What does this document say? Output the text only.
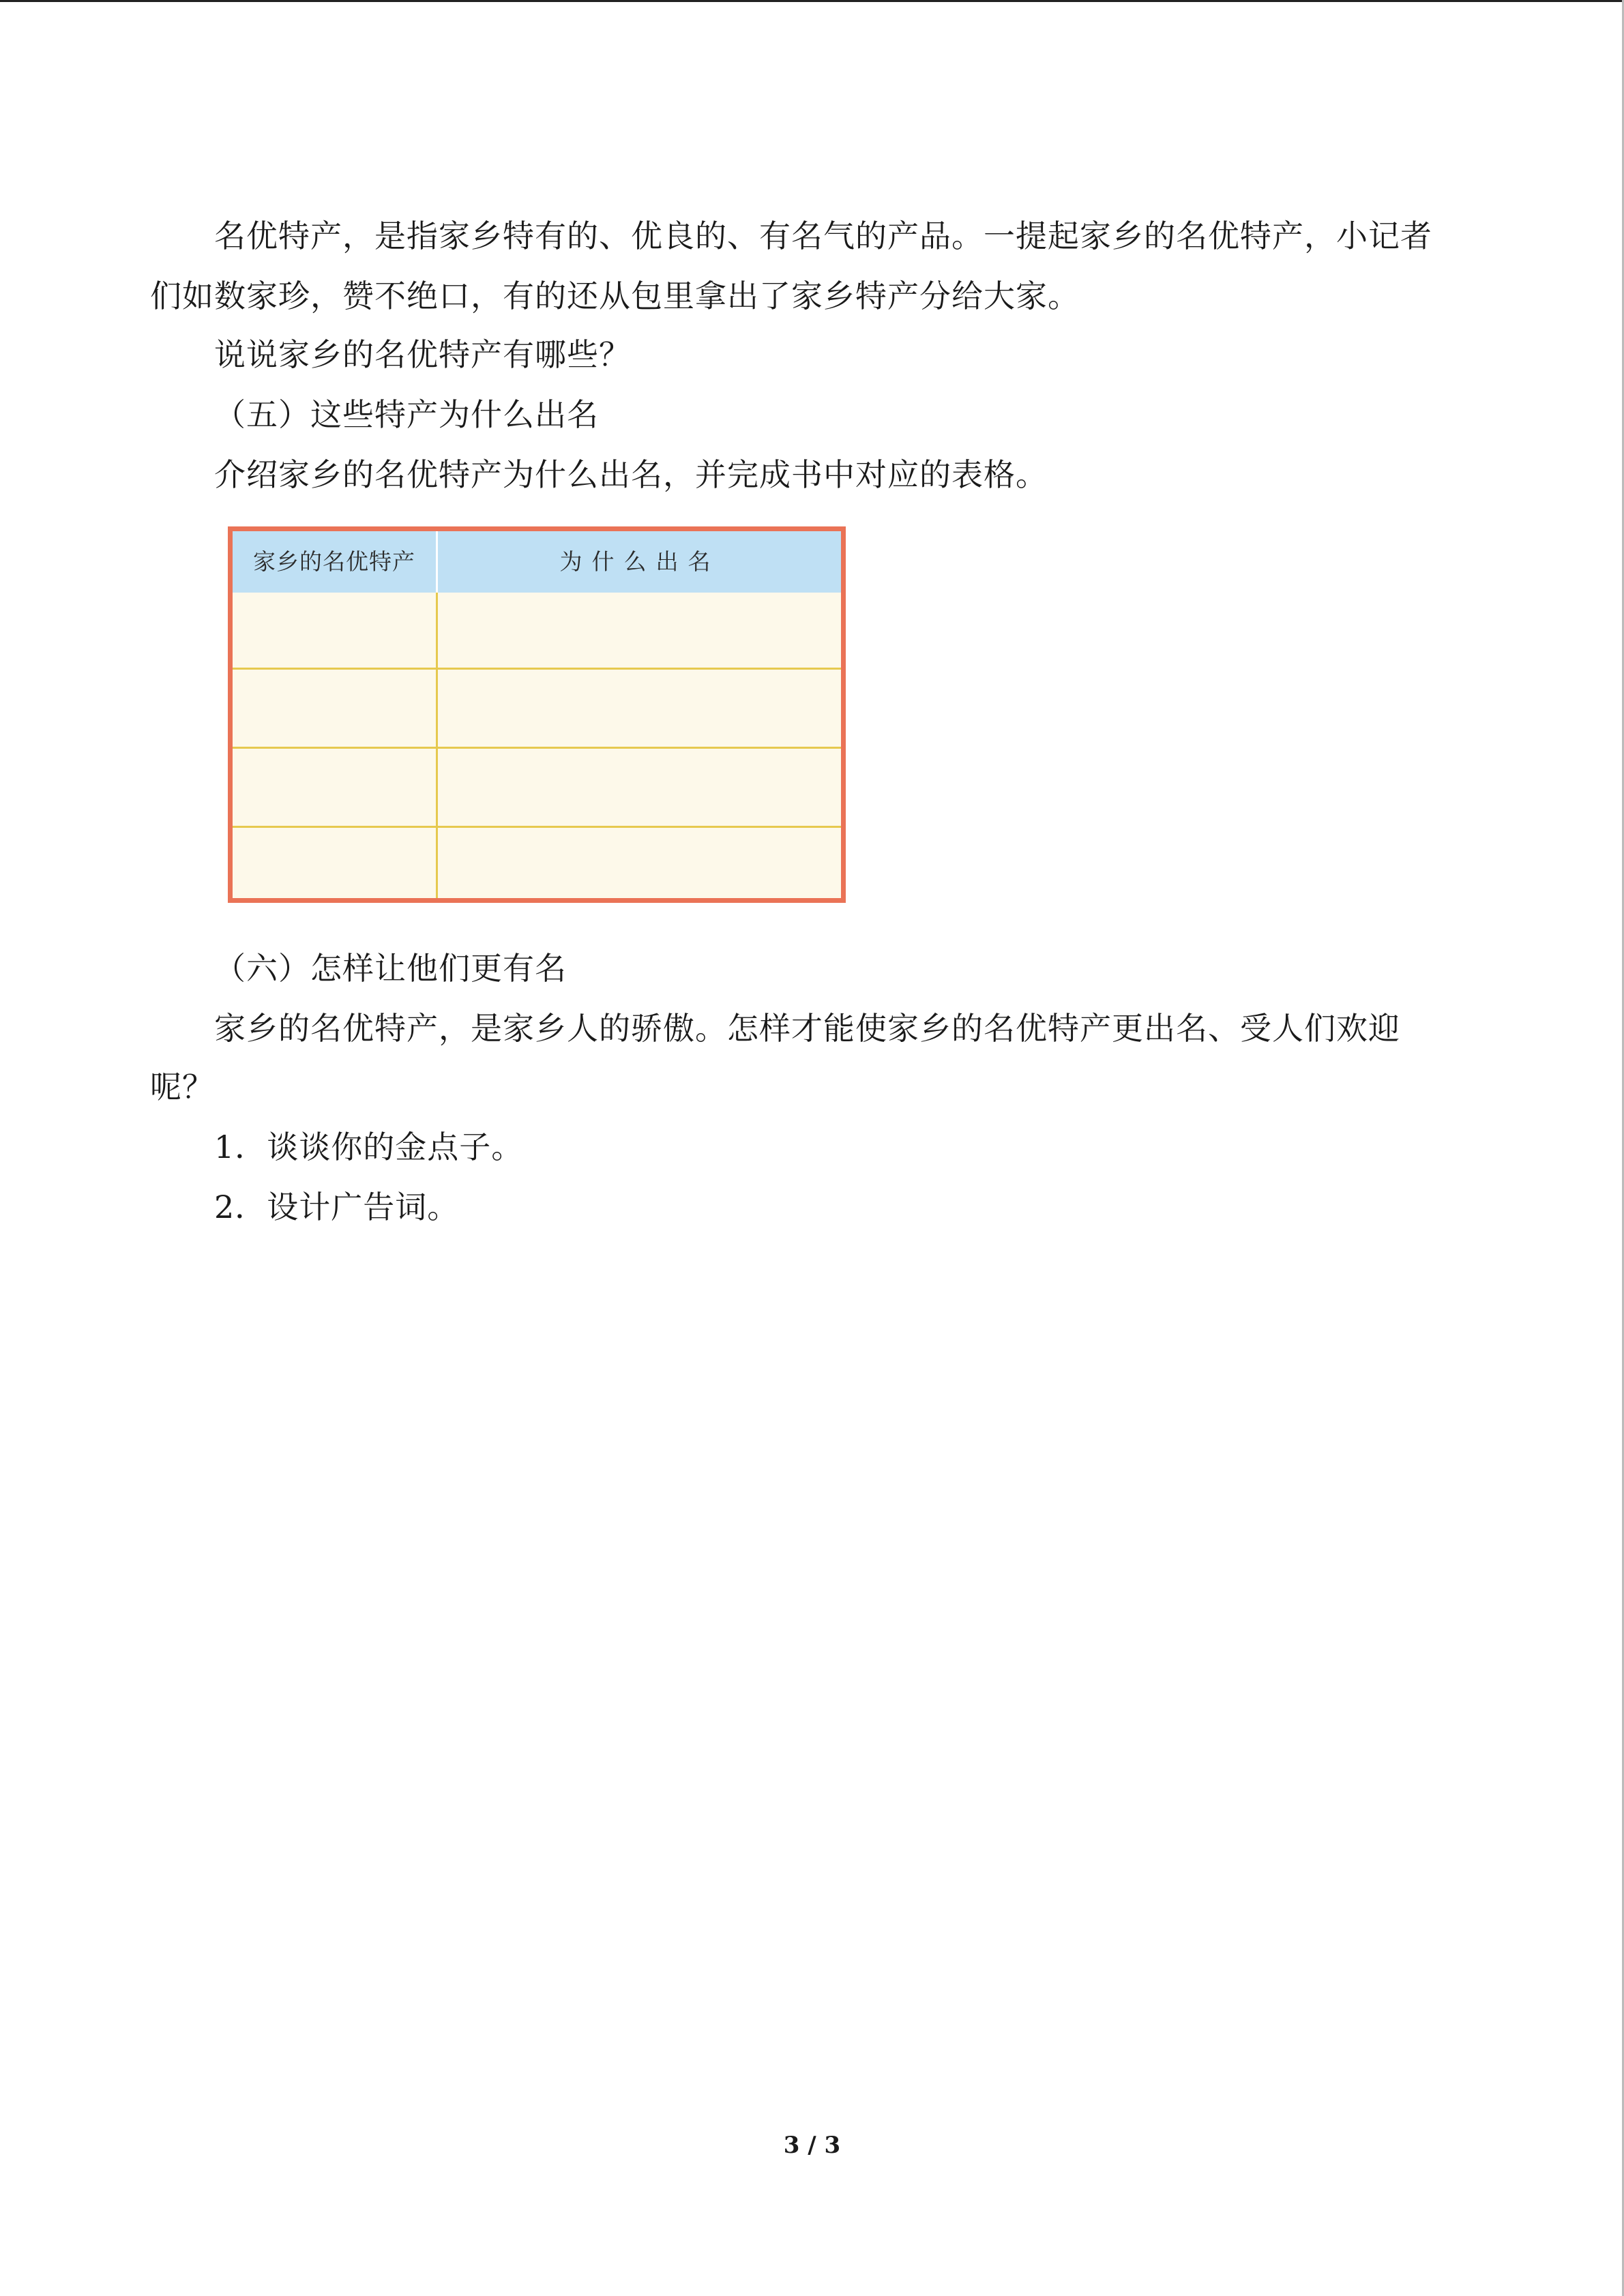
名优特产，是指家乡特有的、优良的、有名气的产品。一提起家乡的名优特产，小记者
们如数家珍，赞不绝口，有的还从包里拿出了家乡特产分给大家。
说说家乡的名优特产有哪些？
（五）这些特产为什么出名
介绍家乡的名优特产为什么出名，并完成书中对应的表格。
家乡的名优特产	为什么出名
（六）怎样让他们更有名
家乡的名优特产，是家乡人的骄傲。怎样才能使家乡的名优特产更出名、受人们欢迎
呢？
1．谈谈你的金点子。
2．设计广告词。
3 / 3
